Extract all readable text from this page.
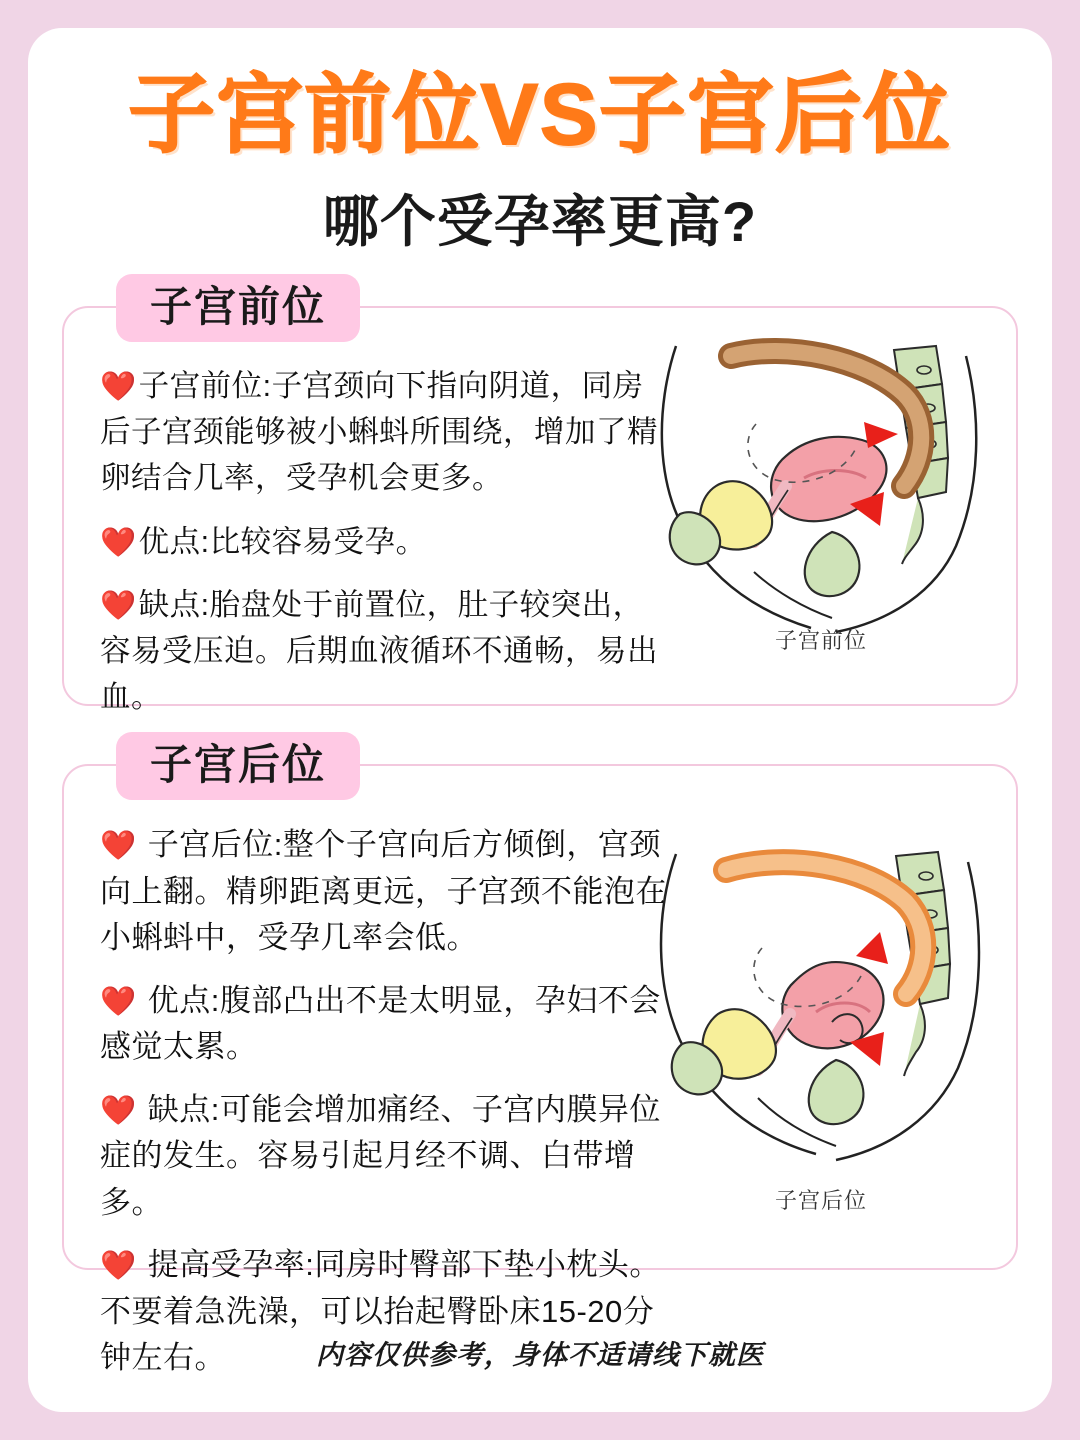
子宫前位VS子宫后位
哪个受孕率更高?
子宫前位
❤️子宫前位:子宫颈向下指向阴道，同房后子宫颈能够被小蝌蚪所围绕，增加了精卵结合几率，受孕机会更多。
❤️优点:比较容易受孕。
❤️缺点:胎盘处于前置位，肚子较突出，容易受压迫。后期血液循环不通畅，易出血。
子宫前位
子宫后位
❤️ 子宫后位:整个子宫向后方倾倒，宫颈向上翻。精卵距离更远，子宫颈不能泡在小蝌蚪中，受孕几率会低。
❤️ 优点:腹部凸出不是太明显，孕妇不会感觉太累。
❤️ 缺点:可能会增加痛经、子宫内膜异位症的发生。容易引起月经不调、白带增多。
❤️ 提高受孕率:同房时臀部下垫小枕头。不要着急洗澡，可以抬起臀卧床15-20分钟左右。
子宫后位
内容仅供参考，身体不适请线下就医
